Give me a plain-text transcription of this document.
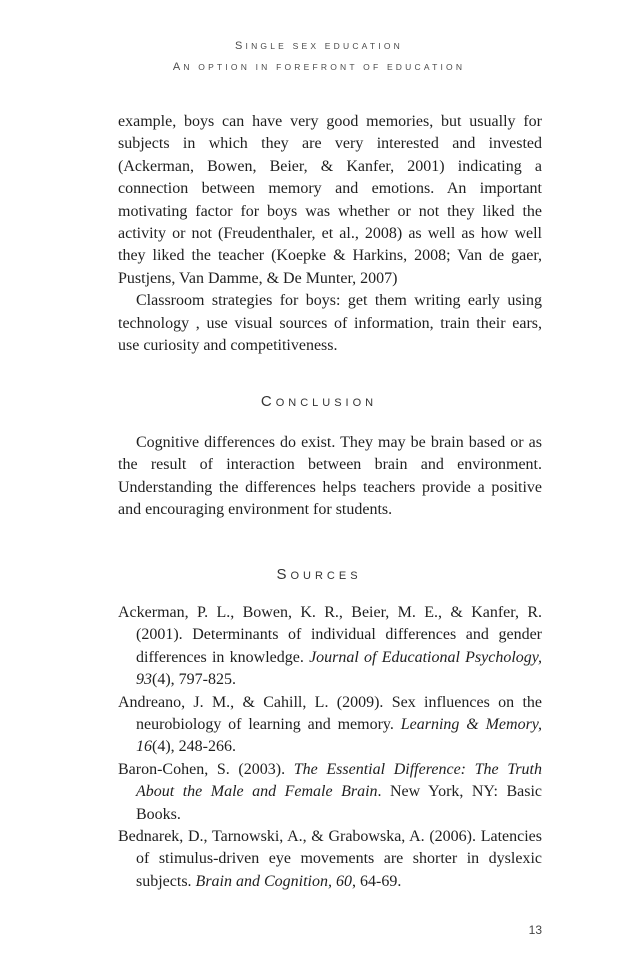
SINGLE SEX EDUCATION
AN OPTION IN FOREFRONT OF EDUCATION

example, boys can have very good memories, but usually for subjects in which they are very interested and invested (Ackerman, Bowen, Beier, & Kanfer, 2001) indicating a connection between memory and emotions. An important motivating factor for boys was whether or not they liked the activity or not (Freudenthaler, et al., 2008) as well as how well they liked the teacher (Koepke & Harkins, 2008; Van de gaer, Pustjens, Van Damme, & De Munter, 2007)

Classroom strategies for boys: get them writing early using technology , use visual sources of information, train their ears, use curiosity and competitiveness.

CONCLUSION

Cognitive differences do exist. They may be brain based or as the result of interaction between brain and environment. Understanding the differences helps teachers provide a positive and encouraging environment for students.

SOURCES

Ackerman, P. L., Bowen, K. R., Beier, M. E., & Kanfer, R. (2001). Determinants of individual differences and gender differences in knowledge. Journal of Educational Psychology, 93(4), 797-825.

Andreano, J. M., & Cahill, L. (2009). Sex influences on the neurobiology of learning and memory. Learning & Memory, 16(4), 248-266.

Baron-Cohen, S. (2003). The Essential Difference: The Truth About the Male and Female Brain. New York, NY: Basic Books.

Bednarek, D., Tarnowski, A., & Grabowska, A. (2006). Latencies of stimulus-driven eye movements are shorter in dyslexic subjects. Brain and Cognition, 60, 64-69.

13
